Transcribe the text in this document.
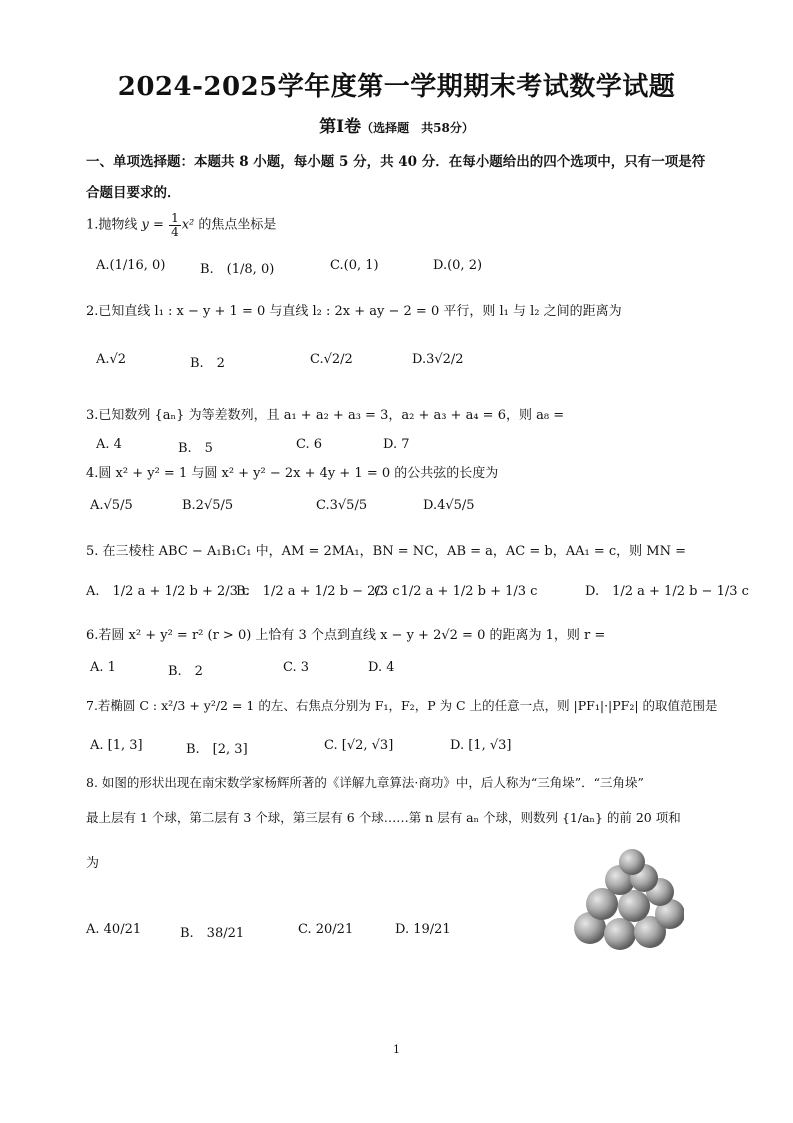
2024-2025学年度第一学期期末考试数学试题
第Ⅰ卷（选择题　共58分）
一、单项选择题：本题共 8 小题，每小题 5 分，共 40 分．在每小题给出的四个选项中，只有一项是符
合题目要求的．
1.抛物线 $y = \frac{1}{4} x^2$ 的焦点坐标是
A.(1/16, 0)	B.　(1/8, 0)	C.(0, 1)	D.(0, 2)
2.已知直线 l₁ : x − y + 1 = 0 与直线 l₂ : 2x + ay − 2 = 0 平行，则 l₁ 与 l₂ 之间的距离为
A.√2	B.　2	C.√2/2	D.3√2/2
3.已知数列 {aₙ} 为等差数列，且 a₁ + a₂ + a₃ = 3，a₂ + a₃ + a₄ = 6，则 a₈ =
A. 4	B.　5	C. 6	D. 7
4.圆 x² + y² = 1 与圆 x² + y² − 2x + 4y + 1 = 0 的公共弦的长度为
A.√5/5	B.2√5/5	C.3√5/5	D.4√5/5
5. 在三棱柱 ABC − A₁B₁C₁ 中，AM = 2MA₁，BN = NC，AB = a，AC = b，AA₁ = c，则 MN =
A.　1/2 a + 1/2 b + 2/3 c
B.　1/2 a + 1/2 b − 2/3 c
C.　1/2 a + 1/2 b + 1/3 c	D.　1/2 a + 1/2 b − 1/3 c
6.若圆 x² + y² = r² (r > 0) 上恰有 3 个点到直线 x − y + 2√2 = 0 的距离为 1，则 r =
A. 1	B.　2	C. 3	D. 4
7.若椭圆 C : x²/3 + y²/2 = 1 的左、右焦点分别为 F₁，F₂，P 为 C 上的任意一点，则 |PF₁|·|PF₂| 的取值范围是
A. [1, 3]	B.　[2, 3]	C. [√2, √3]	D. [1, √3]
8. 如图的形状出现在南宋数学家杨辉所著的《详解九章算法·商功》中，后人称为“三角垛”．“三角垛”
最上层有 1 个球，第二层有 3 个球，第三层有 6 个球……第 n 层有 aₙ 个球，则数列 {1/aₙ} 的前 20 项和
为
A. 40/21	B.　38/21	C. 20/21	D. 19/21
1
